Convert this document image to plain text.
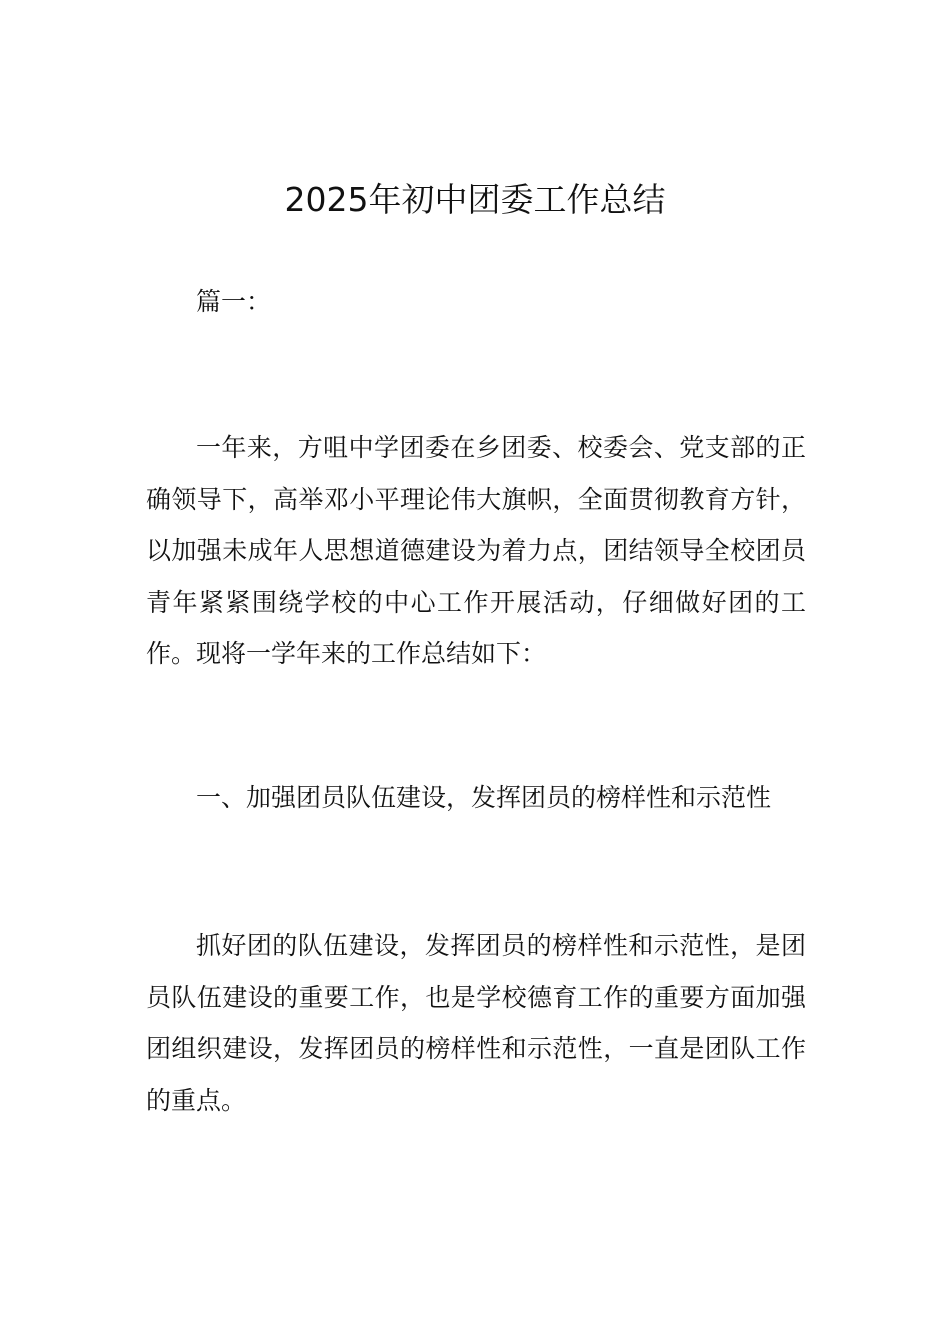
2025年初中团委工作总结

篇一：

一年来，方咀中学团委在乡团委、校委会、党支部的正确领导下，高举邓小平理论伟大旗帜，全面贯彻教育方针，以加强未成年人思想道德建设为着力点，团结领导全校团员青年紧紧围绕学校的中心工作开展活动，仔细做好团的工作。现将一学年来的工作总结如下：

一、加强团员队伍建设，发挥团员的榜样性和示范性

抓好团的队伍建设，发挥团员的榜样性和示范性，是团员队伍建设的重要工作，也是学校德育工作的重要方面加强团组织建设，发挥团员的榜样性和示范性，一直是团队工作的重点。
